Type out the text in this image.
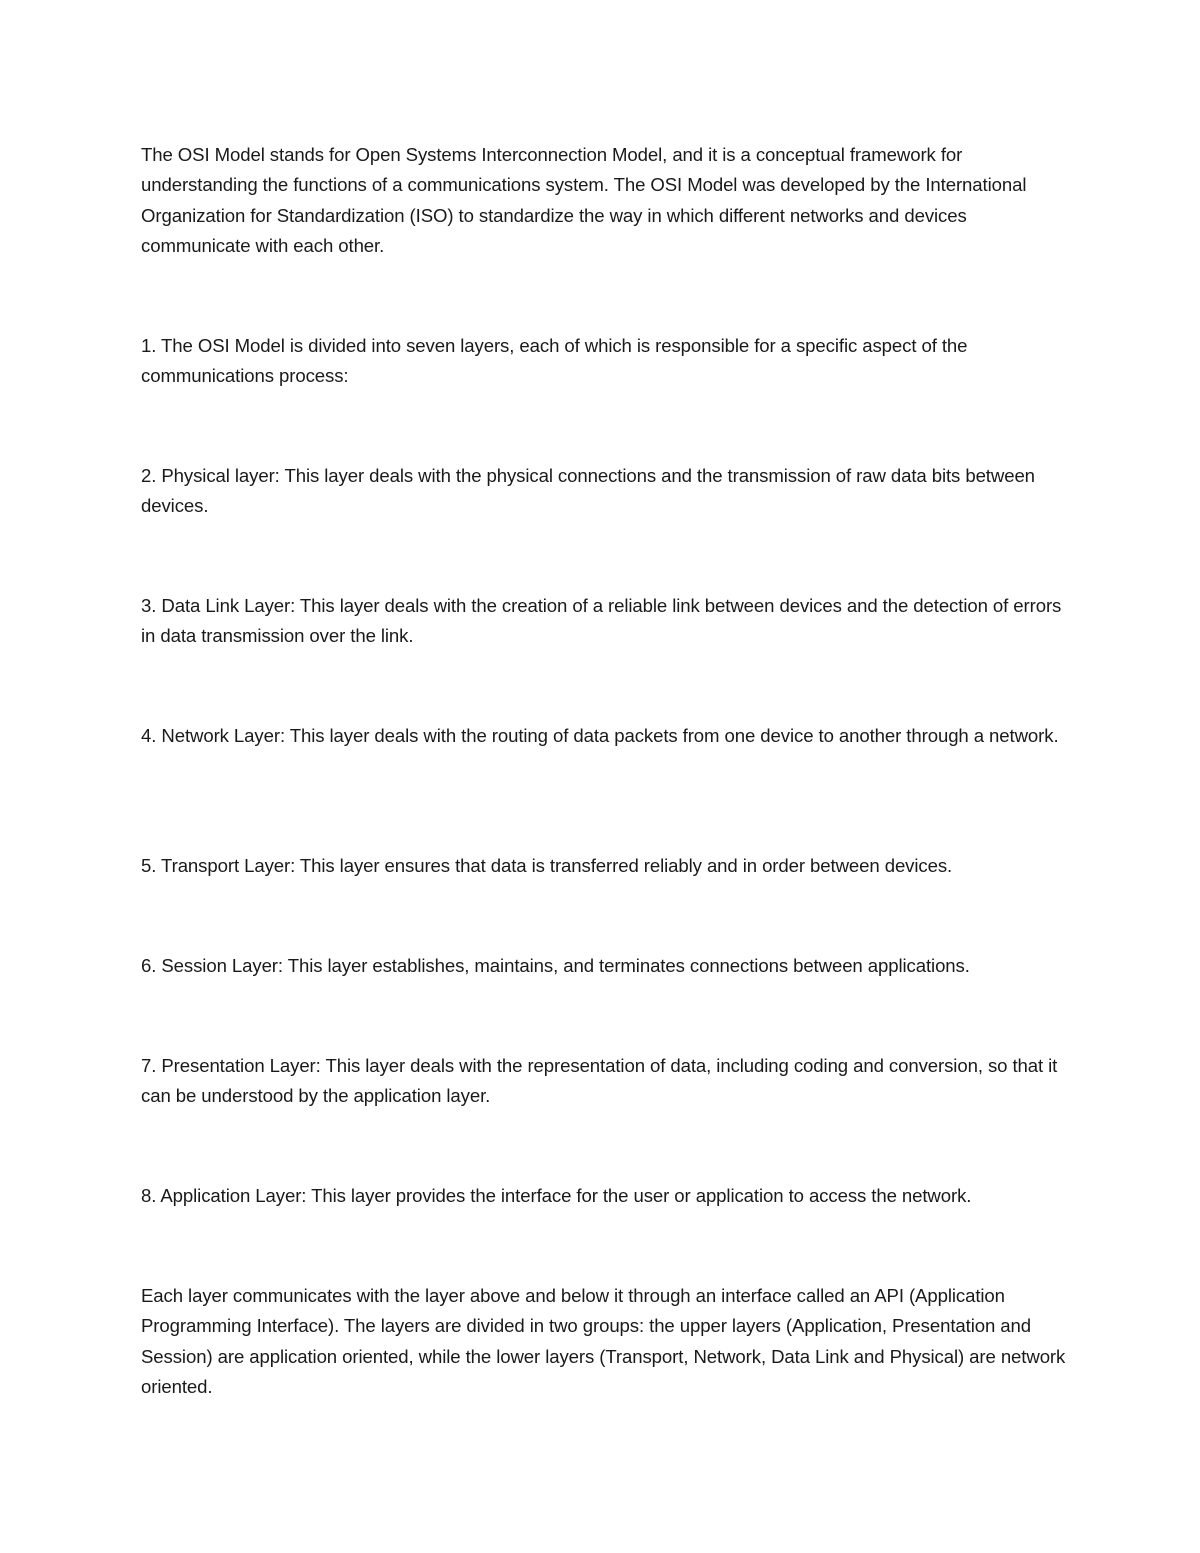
The OSI Model stands for Open Systems Interconnection Model, and it is a conceptual framework for understanding the functions of a communications system. The OSI Model was developed by the International Organization for Standardization (ISO) to standardize the way in which different networks and devices communicate with each other.

1. The OSI Model is divided into seven layers, each of which is responsible for a specific aspect of the communications process:

2. Physical layer: This layer deals with the physical connections and the transmission of raw data bits between devices.

3. Data Link Layer: This layer deals with the creation of a reliable link between devices and the detection of errors in data transmission over the link.

4. Network Layer: This layer deals with the routing of data packets from one device to another through a network.

5. Transport Layer: This layer ensures that data is transferred reliably and in order between devices.

6. Session Layer: This layer establishes, maintains, and terminates connections between applications.

7. Presentation Layer: This layer deals with the representation of data, including coding and conversion, so that it can be understood by the application layer.

8. Application Layer: This layer provides the interface for the user or application to access the network.

Each layer communicates with the layer above and below it through an interface called an API (Application Programming Interface). The layers are divided in two groups: the upper layers (Application, Presentation and Session) are application oriented, while the lower layers (Transport, Network, Data Link and Physical) are network oriented.
